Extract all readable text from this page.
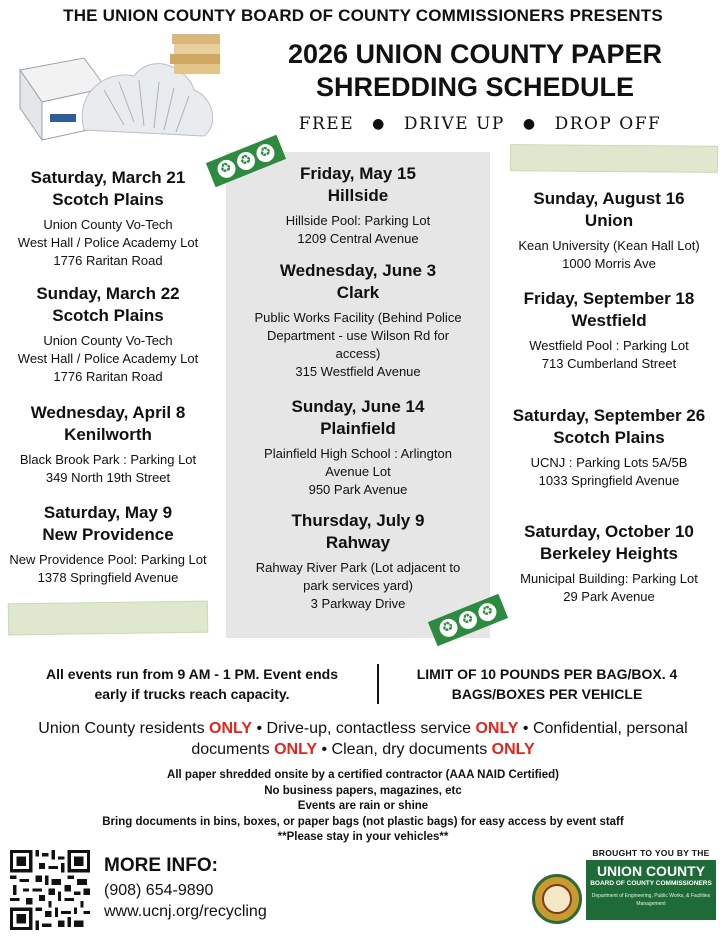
THE UNION COUNTY BOARD OF COUNTY COMMISSIONERS PRESENTS
2026 UNION COUNTY PAPER
SHREDDING SCHEDULE
FREE ● DRIVE UP ● DROP OFF
♻ ♻ ♻
♻ ♻ ♻
Saturday, March 21
Scotch Plains
Union County Vo-Tech
West Hall / Police Academy Lot
1776 Raritan Road
Sunday, March 22
Scotch Plains
Union County Vo-Tech
West Hall / Police Academy Lot
1776 Raritan Road
Wednesday, April 8
Kenilworth
Black Brook Park : Parking Lot
349 North 19th Street
Saturday, May 9
New Providence
New Providence Pool: Parking Lot
1378 Springfield Avenue
Friday, May 15
Hillside
Hillside Pool: Parking Lot
1209 Central Avenue
Wednesday, June 3
Clark
Public Works Facility (Behind Police
Department - use Wilson Rd for
access)
315 Westfield Avenue
Sunday, June 14
Plainfield
Plainfield High School : Arlington
Avenue Lot
950 Park Avenue
Thursday, July 9
Rahway
Rahway River Park (Lot adjacent to
park services yard)
3 Parkway Drive
Sunday, August 16
Union
Kean University (Kean Hall Lot)
1000 Morris Ave
Friday, September 18
Westfield
Westfield Pool : Parking Lot
713 Cumberland Street
Saturday, September 26
Scotch Plains
UCNJ : Parking Lots 5A/5B
1033 Springfield Avenue
Saturday, October 10
Berkeley Heights
Municipal Building: Parking Lot
29 Park Avenue
All events run from 9 AM - 1 PM. Event ends
early if trucks reach capacity.
LIMIT OF 10 POUNDS PER BAG/BOX. 4
BAGS/BOXES PER VEHICLE
Union County residents ONLY • Drive-up, contactless service ONLY • Confidential, personal
documents ONLY • Clean, dry documents ONLY
All paper shredded onsite by a certified contractor (AAA NAID Certified)
No business papers, magazines, etc
Events are rain or shine
Bring documents in bins, boxes, or paper bags (not plastic bags) for easy access by event staff
**Please stay in your vehicles**
MORE INFO:
(908) 654-9890
www.ucnj.org/recycling
BROUGHT TO YOU BY THE
UNION COUNTY
BOARD OF COUNTY COMMISSIONERS
Department of Engineering, Public Works, & Facilities Management
